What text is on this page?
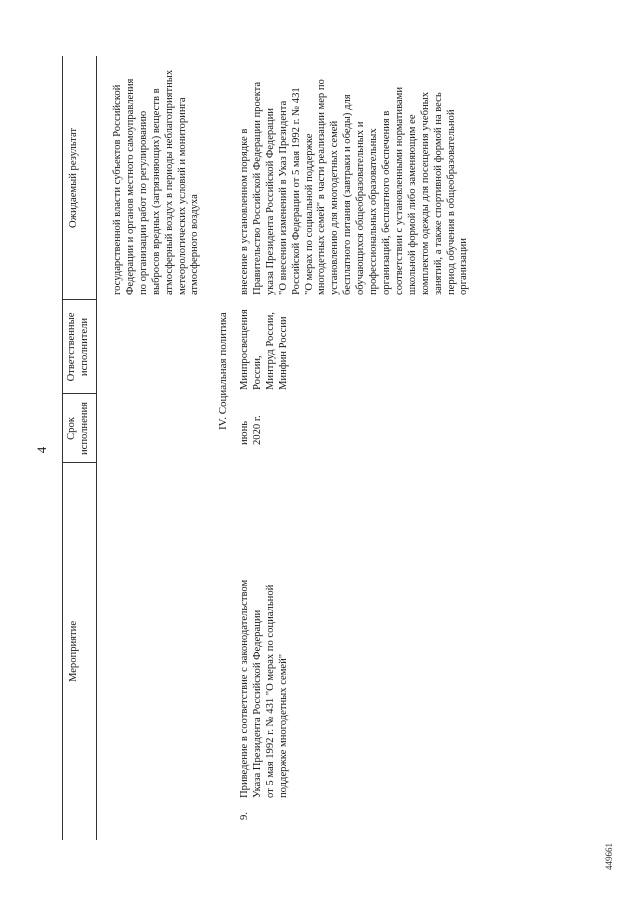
4
Мероприятие
Срок
исполнения
Ответственные
исполнители
Ожидаемый результат
государственной власти субъектов Российской
Федерации и органов местного самоуправления
по организации работ по регулированию
выбросов вредных (загрязняющих) веществ в
атмосферный воздух в периоды неблагоприятных
метеорологических условий и мониторинга
атмосферного воздуха
IV. Социальная политика
9.
Приведение в соответствие с законодательством
Указа Президента Российской Федерации
от 5 мая 1992 г. № 431 "О мерах по социальной
поддержке многодетных семей"
июнь
2020 г.
Минпросвещения
России,
Минтруд России,
Минфин России
внесение в установленном порядке в
Правительство Российской Федерации проекта
указа Президента Российской Федерации
"О внесении изменений в Указ Президента
Российской Федерации от 5 мая 1992 г. № 431
"О мерах по социальной поддержке
многодетных семей" в части реализации мер по
установлению для многодетных семей
бесплатного питания (завтраки и обеды) для
обучающихся общеобразовательных и
профессиональных образовательных
организаций, бесплатного обеспечения в
соответствии с установленными нормативами
школьной формой либо заменяющим ее
комплектом одежды для посещения учебных
занятий, а также спортивной формой на весь
период обучения в общеобразовательной
организации
449661
